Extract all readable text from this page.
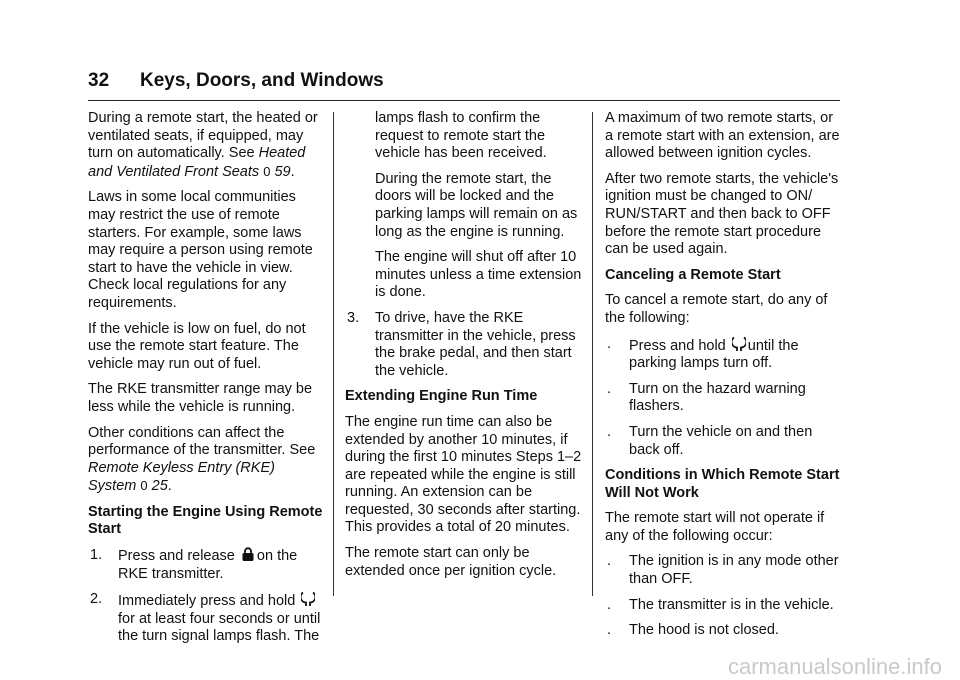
32 Keys, Doors, and Windows

During a remote start, the heated or ventilated seats, if equipped, may turn on automatically. See Heated and Ventilated Front Seats 0 59.

Laws in some local communities may restrict the use of remote starters. For example, some laws may require a person using remote start to have the vehicle in view. Check local regulations for any requirements.

If the vehicle is low on fuel, do not use the remote start feature. The vehicle may run out of fuel.

The RKE transmitter range may be less while the vehicle is running.

Other conditions can affect the performance of the transmitter. See Remote Keyless Entry (RKE) System 0 25.

Starting the Engine Using Remote Start
1.	Press and release on the RKE transmitter.
2.	Immediately press and hold
for at least four seconds or until the turn signal lamps flash. The

lamps flash to confirm the request to remote start the vehicle has been received.

During the remote start, the doors will be locked and the parking lamps will remain on as long as the engine is running.

The engine will shut off after 10 minutes unless a time extension is done.

3.	To drive, have the RKE transmitter in the vehicle, press the brake pedal, and then start the vehicle.
Extending Engine Run Time

The engine run time can also be extended by another 10 minutes, if during the first 10 minutes Steps 1–2 are repeated while the engine is still running. An extension can be requested, 30 seconds after starting. This provides a total of 20 minutes.

The remote start can only be extended once per ignition cycle.

A maximum of two remote starts, or a remote start with an extension, are allowed between ignition cycles.

After two remote starts, the vehicle's ignition must be changed to ON/ RUN/START and then back to OFF before the remote start procedure can be used again.

Canceling a Remote Start

To cancel a remote start, do any of the following:

.	Press and hold until the parking lamps turn off.
.	Turn on the hazard warning flashers.
.	Turn the vehicle on and then back off.
Conditions in Which Remote Start Will Not Work

The remote start will not operate if any of the following occur:

.	The ignition is in any mode other than OFF.
.	The transmitter is in the vehicle.
.	The hood is not closed.
carmanualsonline.info
